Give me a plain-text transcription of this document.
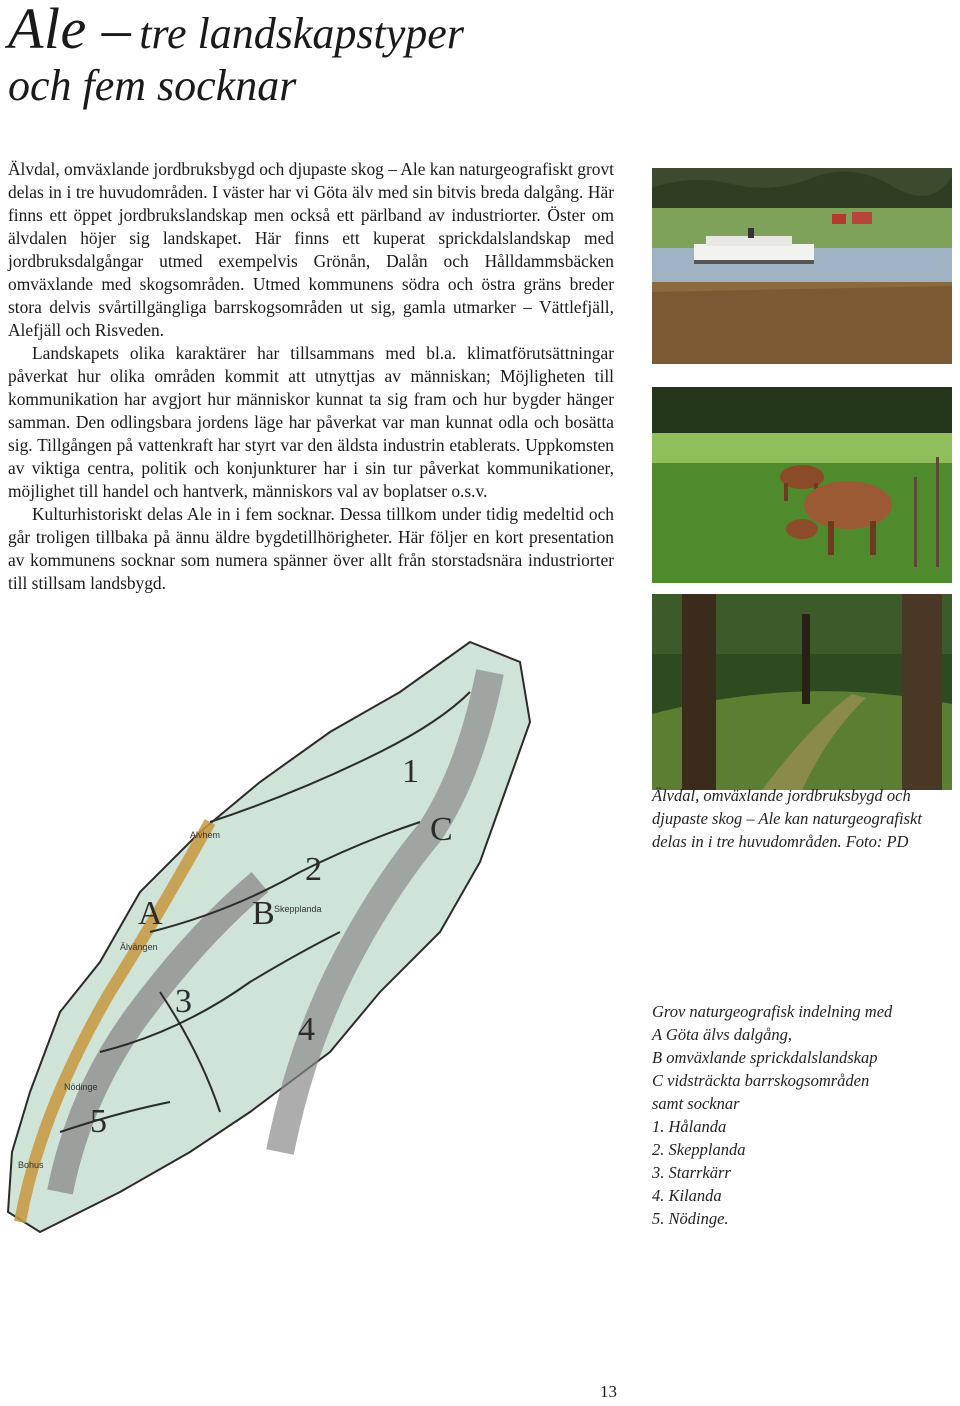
Ale – tre landskapstyper
och fem socknar

Älvdal, omväxlande jordbruksbygd och djupaste skog – Ale kan naturgeografiskt grovt delas in i tre huvudområden. I väster har vi Göta älv med sin bitvis breda dalgång. Här finns ett öppet jordbrukslandskap men också ett pärlband av industriorter. Öster om älvdalen höjer sig landskapet. Här finns ett kuperat sprickdalslandskap med jordbruksdalgångar utmed exempelvis Grönån, Dalån och Hålldammsbäcken omväxlande med skogsområden. Utmed kommunens södra och östra gräns breder stora delvis svårtillgängliga barrskogsområden ut sig, gamla utmarker – Vättlefjäll, Alefjäll och Risveden.

Landskapets olika karaktärer har tillsammans med bl.a. klimatförutsättningar påverkat hur olika områden kommit att utnyttjas av människan; Möjligheten till kommunikation har avgjort hur människor kunnat ta sig fram och hur bygder hänger samman. Den odlingsbara jordens läge har påverkat var man kunnat odla och bosätta sig. Tillgången på vattenkraft har styrt var den äldsta industrin etablerats. Uppkomsten av viktiga centra, politik och konjunkturer har i sin tur påverkat kommunikationer, möjlighet till handel och hantverk, människors val av boplatser o.s.v.

Kulturhistoriskt delas Ale in i fem socknar. Dessa tillkom under tidig medeltid och går troligen tillbaka på ännu äldre bygdetillhörigheter. Här följer en kort presentation av kommunens socknar som numera spänner över allt från storstadsnära industriorter till stillsam landsbygd.

Älvdal, omväxlande jordbruksbygd och djupaste skog – Ale kan naturgeografiskt delas in i tre huvudområden. Foto: PD
A	B
C
1
2
3
4
5
Alvhem
Skepplanda
Älvängen
Nödinge
Bohus
Grov naturgeografisk indelning med
A Göta älvs dalgång,
B omväxlande sprickdalslandskap
C vidsträckta barrskogsområden
samt socknar
1. Hålanda
2. Skepplanda
3. Starrkärr
4. Kilanda
5. Nödinge.
13
